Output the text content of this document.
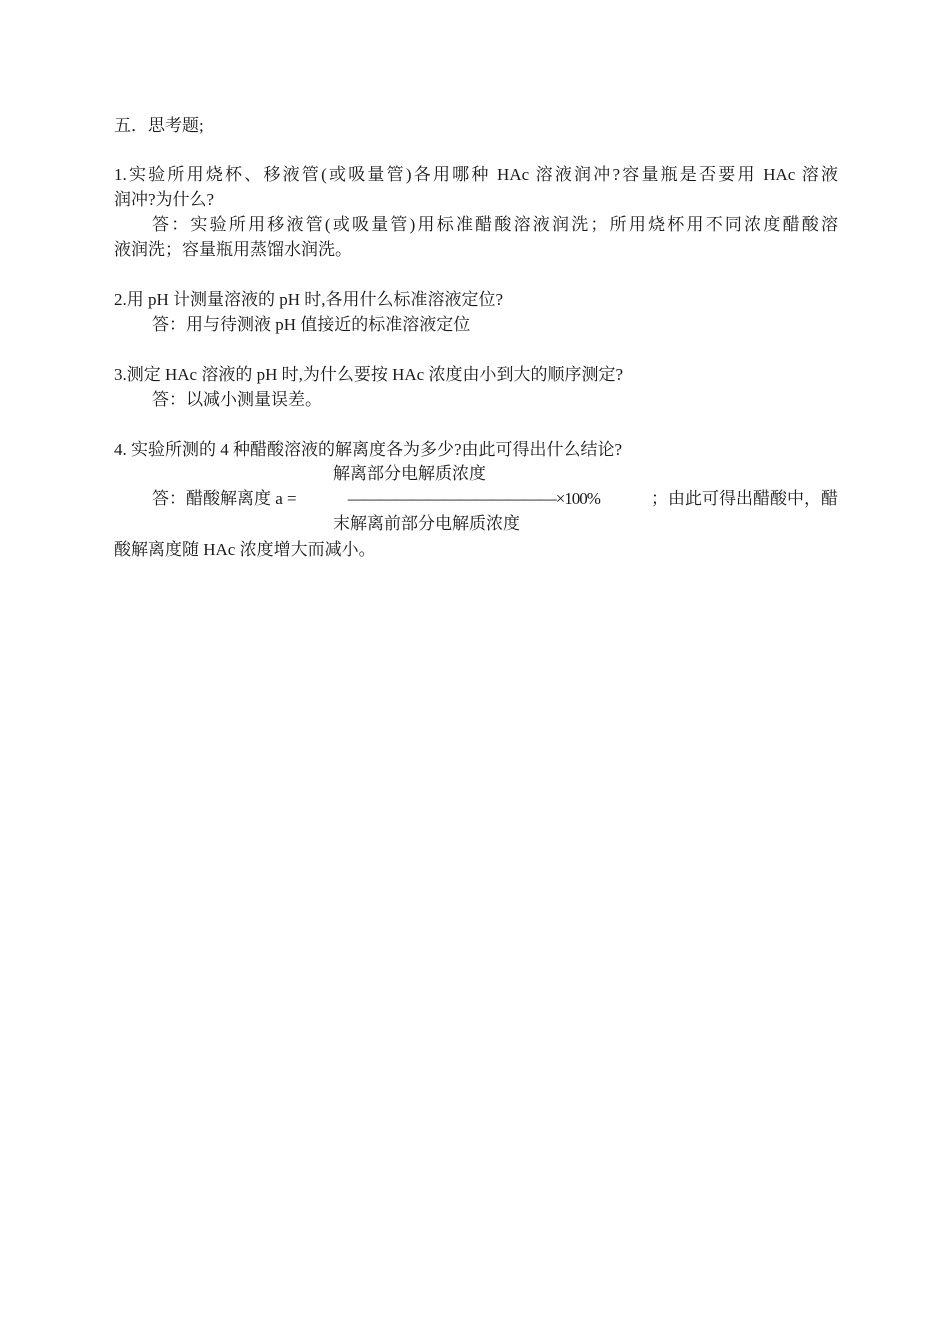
五．思考题;
1.实验所用烧杯、移液管(或吸量管)各用哪种 HAc 溶液润冲?容量瓶是否要用 HAc 溶液
润冲?为什么?
答：实验所用移液管(或吸量管)用标准醋酸溶液润洗；所用烧杯用不同浓度醋酸溶
液润洗；容量瓶用蒸馏水润洗。
2.用 pH 计测量溶液的 pH 时,各用什么标准溶液定位?
答：用与待测液 pH 值接近的标准溶液定位
3.测定 HAc 溶液的 pH 时,为什么要按 HAc 浓度由小到大的顺序测定?
答：以减小测量误差。
4. 实验所测的 4 种醋酸溶液的解离度各为多少?由此可得出什么结论?
解离部分电解质浓度
答：醋酸解离度 a =	—————————————×100%	；由此可得出醋酸中，醋
末解离前部分电解质浓度
酸解离度随 HAc 浓度增大而减小。
